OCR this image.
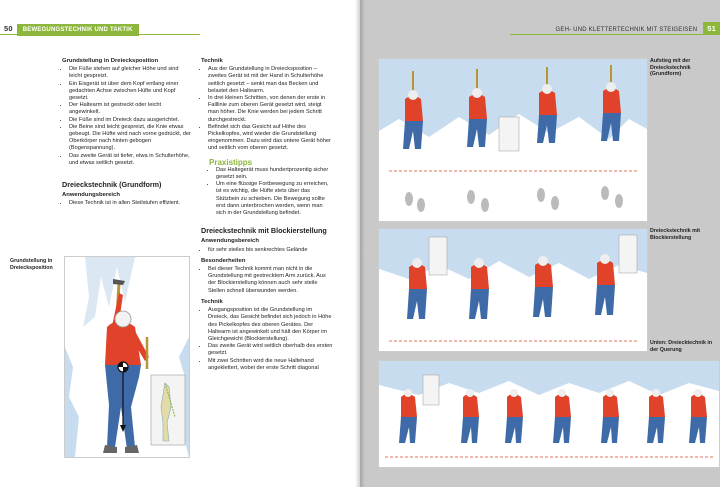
50 BEWEGUNGSTECHNIK UND TAKTIK
Grundstellung in Dreiecksposition
• Die Füße stehen auf gleicher Höhe und sind leicht gespreizt.
• Ein Eisgerät ist über dem Kopf entlang einer gedachten Achse zwischen Hüfte und Kopf gesetzt.
• Der Haltearm ist gestreckt oder leicht angewinkelt.
• Die Füße sind im Dreieck dazu ausgerichtet.
• Die Beine sind leicht gespreizt, die Knie etwas gebeugt. Die Hüfte wird nach vorne gedrückt, der Oberkörper nach hinten gebogen (Bogenspannung).
• Das zweite Gerät ist tiefer, etwa in Schulterhöhe, und etwas seitlich gesetzt.
Dreieckstechnik (Grundform)
Anwendungsbereich
• Diese Technik ist in allen Steilstufen effizient.
Technik
• Aus der Grundstellung in Dreiecksposition – zweites Gerät ist mit der Hand in Schulterhöhe seitlich gesetzt – senkt man das Becken und belastet den Haltearm.
• In drei kleinen Schritten, von denen der erste in Falllinie zum oberen Gerät gesetzt wird, steigt man höher. Die Knie werden bei jedem Schritt durchgestreckt.
• Befindet sich das Gesicht auf Höhe des Pickelkopfes, wird wieder die Grundstellung eingenommen. Dazu wird das untere Gerät höher und seitlich vom oberen gesetzt.
Praxistipps
• Das Haltegerät muss hundertprozentig sicher gesetzt sein.
• Um eine flüssige Fortbewegung zu erreichen, ist es wichtig, die Hüfte stets über das Stützbein zu schieben. Die Bewegung sollte erst dann unterbrochen werden, wenn man sich in der Grundstellung befindet.
Dreieckstechnik mit Blockierstellung
Anwendungsbereich
• für sehr steiles bis senkrechtes Gelände
Besonderheiten
• Bei dieser Technik kommt man nicht in die Grundstellung mit gestrecktem Arm zurück. Aus der Blockierstellung können auch sehr steile Stellen schnell überwunden werden.
Technik
• Ausgangsposition ist die Grundstellung im Dreieck, das Gesicht befindet sich jedoch in Höhe des Pickelkopfes des oberen Gerätes. Der Haltearm ist angewinkelt und hält den Körper im Gleichgewicht (Blockierstellung).
• Das zweite Gerät wird seitlich oberhalb des ersten gesetzt.
• Mit zwei Schritten wird die neue Haltehand angeklettert, wobei der erste Schritt diagonal
Grundstellung in Dreiecksposition
GEH- UND KLETTERTECHNIK MIT STEIGEISEN 51
Aufstieg mit der Dreieckstechnik (Grundform)
Dreieckstechnik mit Blockierstellung
Unten: Dreiecktechnik in der Querung
